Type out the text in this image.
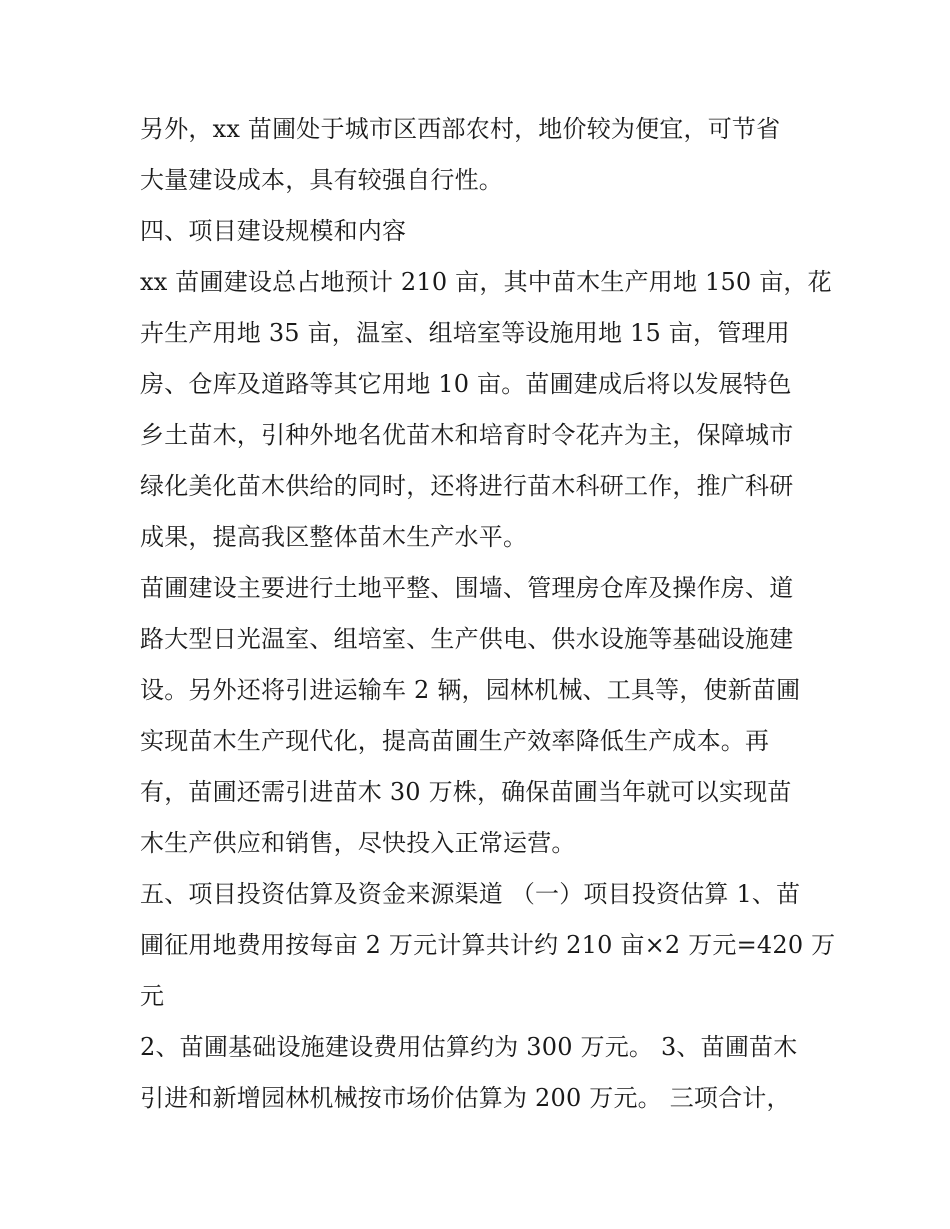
另外，xx 苗圃处于城市区西部农村，地价较为便宜，可节省
大量建设成本，具有较强自行性。
四、项目建设规模和内容
xx 苗圃建设总占地预计 210 亩，其中苗木生产用地 150 亩，花
卉生产用地 35 亩，温室、组培室等设施用地 15 亩，管理用
房、仓库及道路等其它用地 10 亩。苗圃建成后将以发展特色
乡土苗木，引种外地名优苗木和培育时令花卉为主，保障城市
绿化美化苗木供给的同时，还将进行苗木科研工作，推广科研
成果，提高我区整体苗木生产水平。
苗圃建设主要进行土地平整、围墙、管理房仓库及操作房、道
路大型日光温室、组培室、生产供电、供水设施等基础设施建
设。另外还将引进运输车 2 辆，园林机械、工具等，使新苗圃
实现苗木生产现代化，提高苗圃生产效率降低生产成本。再
有，苗圃还需引进苗木 30 万株，确保苗圃当年就可以实现苗
木生产供应和销售，尽快投入正常运营。
五、项目投资估算及资金来源渠道 （一）项目投资估算 1、苗
圃征用地费用按每亩 2 万元计算共计约 210 亩×2 万元=420 万
元
2、苗圃基础设施建设费用估算约为 300 万元。 3、苗圃苗木
引进和新增园林机械按市场价估算为 200 万元。 三项合计，
